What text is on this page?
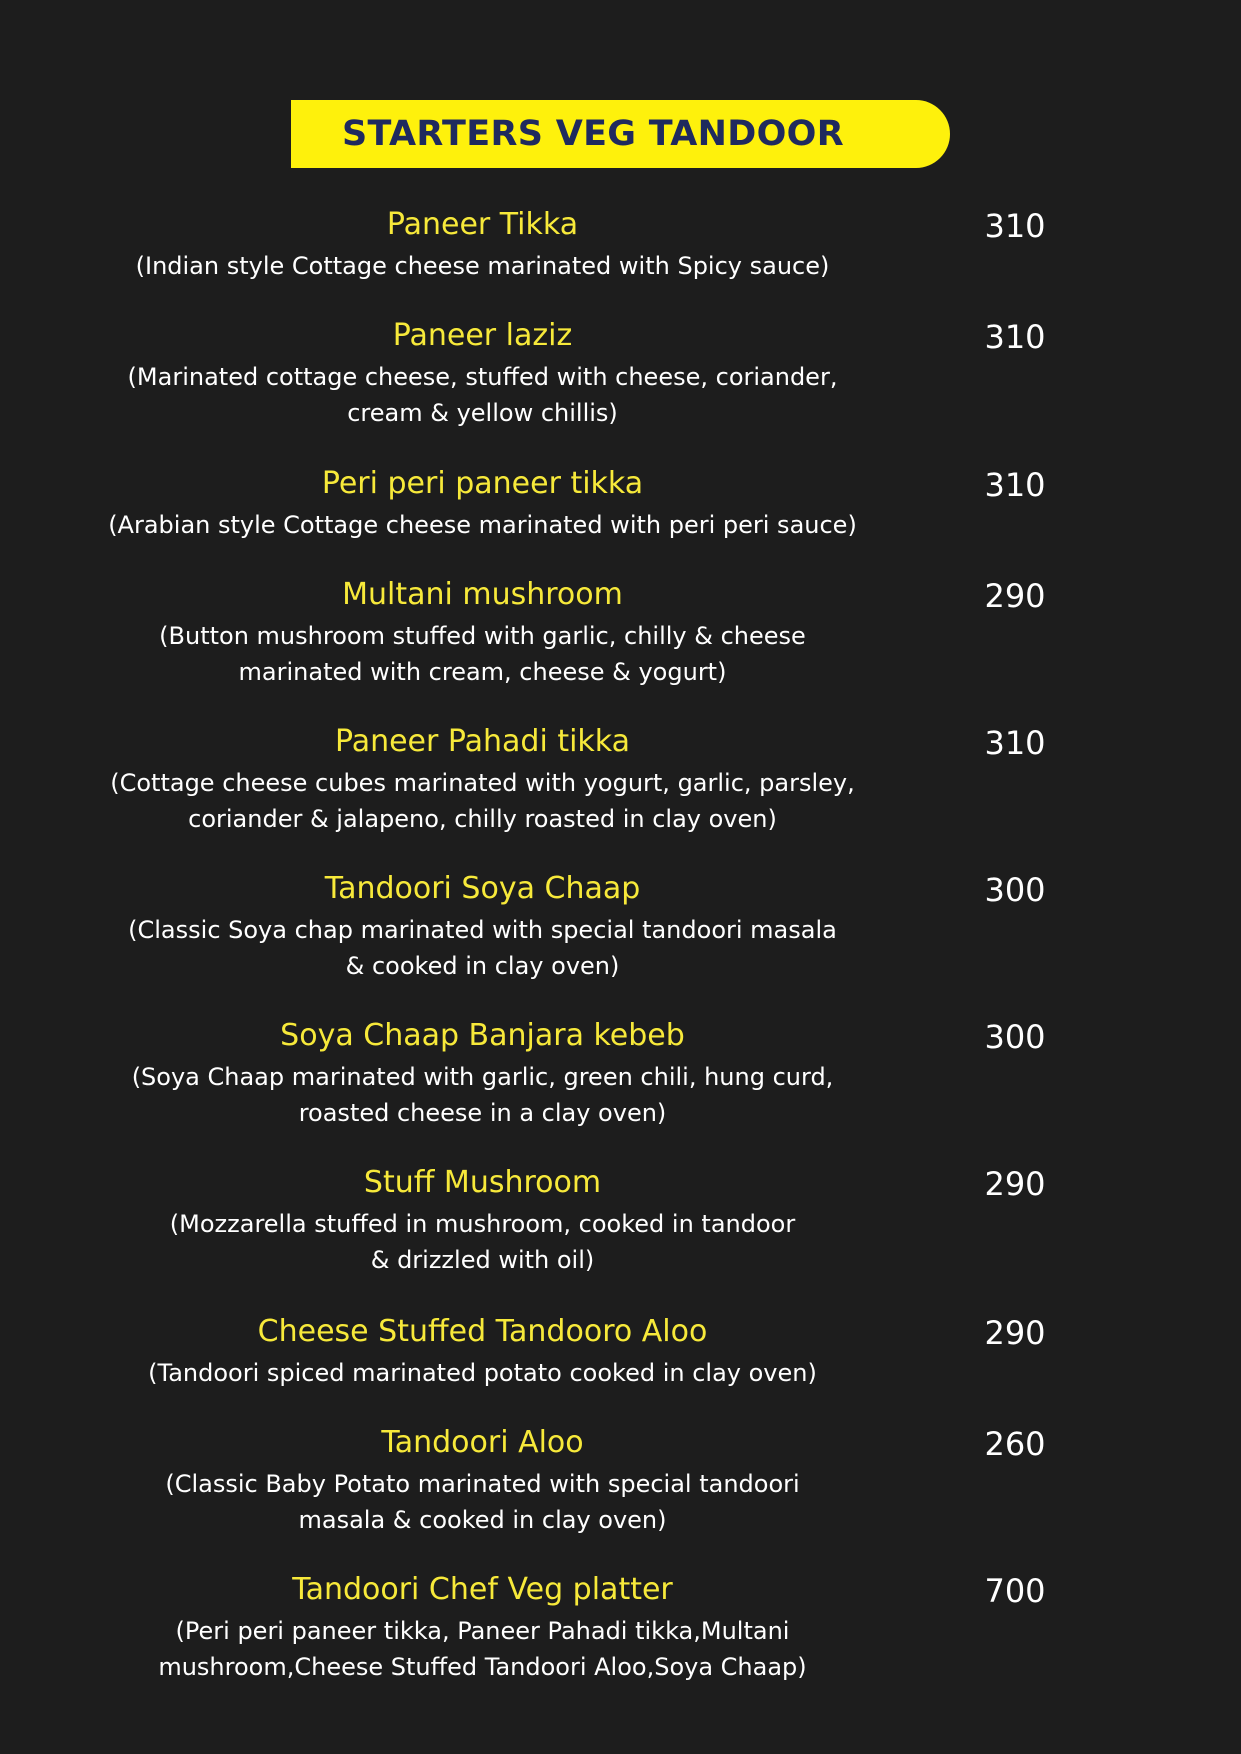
STARTERS VEG TANDOOR
Paneer Tikka
(Indian style Cottage cheese marinated with Spicy sauce)
310
Paneer laziz
(Marinated cottage cheese, stuffed with cheese, coriander,
cream & yellow chillis)
310
Peri peri paneer tikka
(Arabian style Cottage cheese marinated with peri peri sauce)
310
Multani mushroom
(Button mushroom stuffed with garlic, chilly & cheese
marinated with cream, cheese & yogurt)
290
Paneer Pahadi tikka
(Cottage cheese cubes marinated with yogurt, garlic, parsley,
coriander & jalapeno, chilly roasted in clay oven)
310
Tandoori Soya Chaap
(Classic Soya chap marinated with special tandoori masala
& cooked in clay oven)
300
Soya Chaap Banjara kebeb
(Soya Chaap marinated with garlic, green chili, hung curd,
roasted cheese in a clay oven)
300
Stuff Mushroom
(Mozzarella stuffed in mushroom, cooked in tandoor
& drizzled with oil)
290
Cheese Stuffed Tandooro Aloo
(Tandoori spiced marinated potato cooked in clay oven)
290
Tandoori Aloo
(Classic Baby Potato marinated with special tandoori
masala & cooked in clay oven)
260
Tandoori Chef Veg platter
(Peri peri paneer tikka, Paneer Pahadi tikka,Multani
mushroom,Cheese Stuffed Tandoori Aloo,Soya Chaap)
700
